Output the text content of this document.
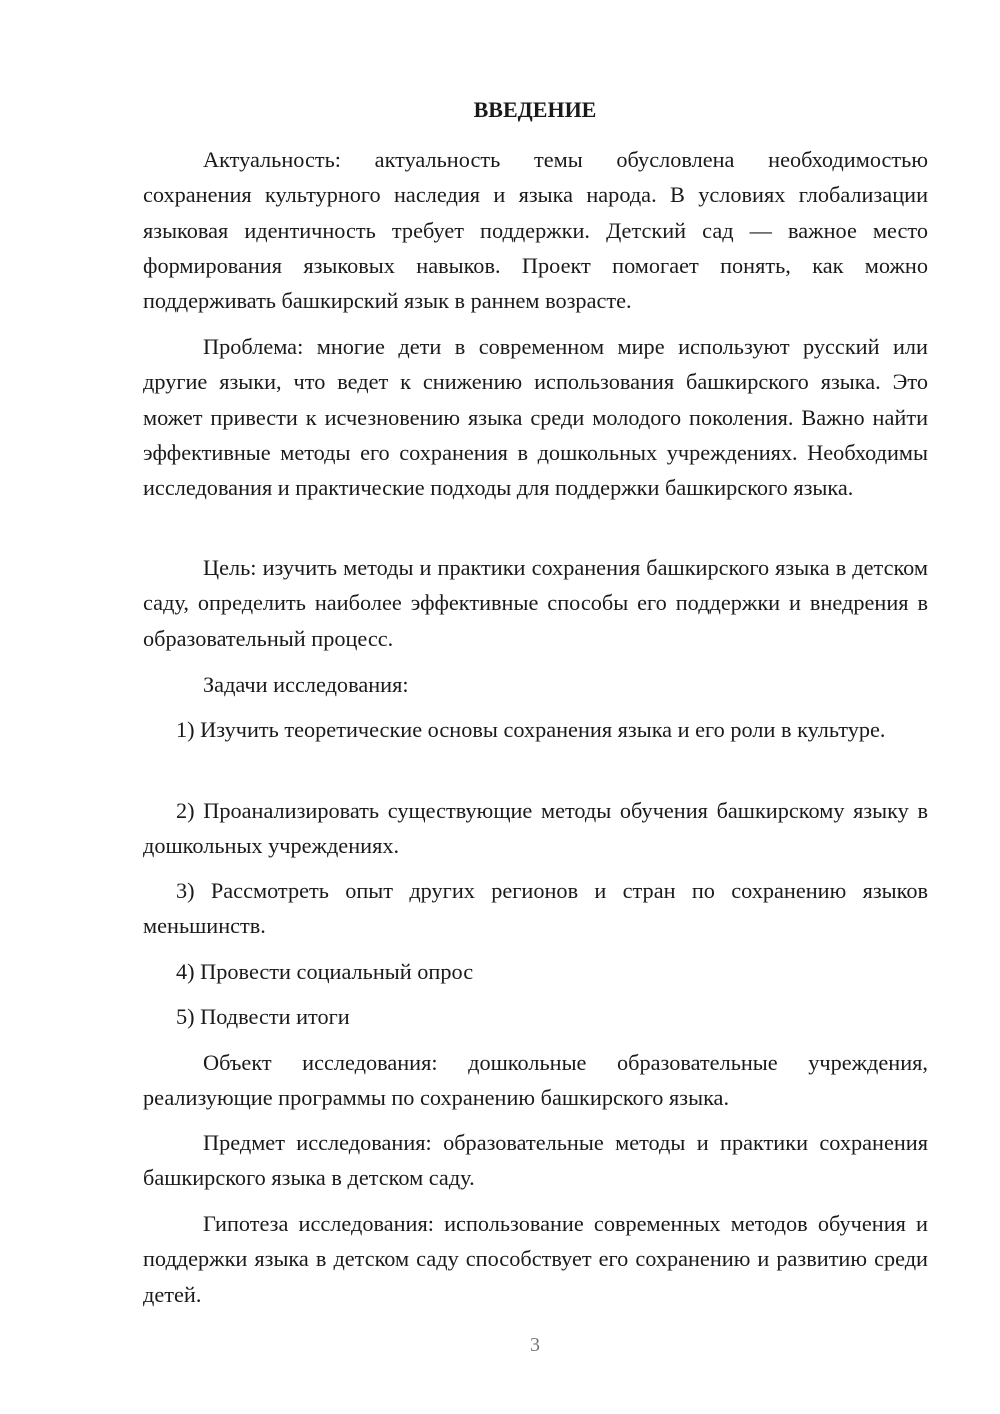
ВВЕДЕНИЕ

Актуальность: актуальность темы обусловлена необходимостью сохранения культурного наследия и языка народа. В условиях глобализации языковая идентичность требует поддержки. Детский сад — важное место формирования языковых навыков. Проект помогает понять, как можно поддерживать башкирский язык в раннем возрасте.

Проблема: многие дети в современном мире используют русский или другие языки, что ведет к снижению использования башкирского языка. Это может привести к исчезновению языка среди молодого поколения. Важно найти эффективные методы его сохранения в дошкольных учреждениях. Необходимы исследования и практические подходы для поддержки башкирского языка.

Цель: изучить методы и практики сохранения башкирского языка в детском саду, определить наиболее эффективные способы его поддержки и внедрения в образовательный процесс.

Задачи исследования:

1) Изучить теоретические основы сохранения языка и его роли в культуре.

2) Проанализировать существующие методы обучения башкирскому языку в дошкольных учреждениях.

3) Рассмотреть опыт других регионов и стран по сохранению языков меньшинств.

4) Провести социальный опрос

5) Подвести итоги

Объект исследования: дошкольные образовательные учреждения, реализующие программы по сохранению башкирского языка.

Предмет исследования: образовательные методы и практики сохранения башкирского языка в детском саду.

Гипотеза исследования: использование современных методов обучения и поддержки языка в детском саду способствует его сохранению и развитию среди детей.

3
